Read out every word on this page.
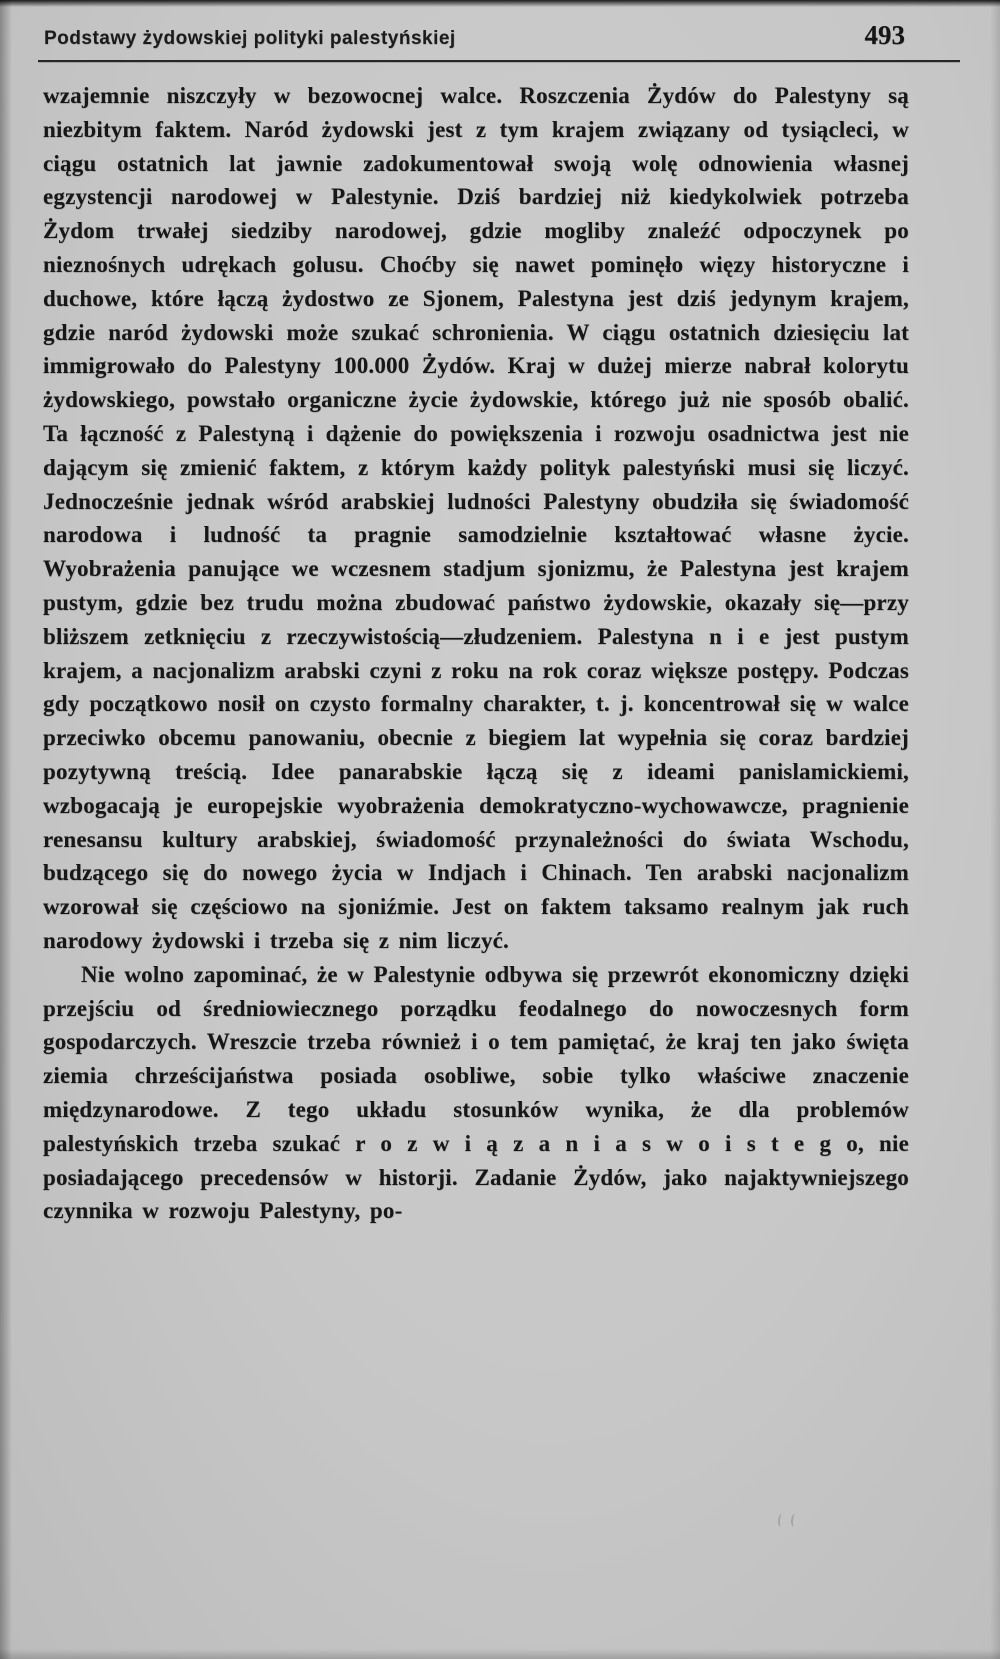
Podstawy żydowskiej polityki palestyńskiej	493

wzajemnie niszczyły w bezowocnej walce. Roszczenia Żydów do Palestyny są niezbitym faktem. Naród żydowski jest z tym krajem związany od tysiącleci, w ciągu ostatnich lat jawnie zadokumentował swoją wolę odnowienia własnej egzystencji narodowej w Palestynie. Dziś bardziej niż kiedykolwiek potrzeba Żydom trwałej siedziby narodowej, gdzie mogliby znaleźć odpoczynek po nieznośnych udrękach golusu. Choćby się nawet pominęło więzy historyczne i duchowe, które łączą żydostwo ze Sjonem, Palestyna jest dziś jedynym krajem, gdzie naród żydowski może szukać schronienia. W ciągu ostatnich dziesięciu lat immigrowało do Palestyny 100.000 Żydów. Kraj w dużej mierze nabrał kolorytu żydowskiego, powstało organiczne życie żydowskie, którego już nie sposób obalić. Ta łączność z Palestyną i dążenie do powiększenia i rozwoju osadnictwa jest nie dającym się zmienić faktem, z którym każdy polityk palestyński musi się liczyć. Jednocześnie jednak wśród arabskiej ludności Palestyny obudziła się świadomość narodowa i ludność ta pragnie samodzielnie kształtować własne życie. Wyobrażenia panujące we wczesnem stadjum sjonizmu, że Palestyna jest krajem pustym, gdzie bez trudu można zbudować państwo żydowskie, okazały się—przy bliższem zetknięciu z rzeczywistością—złudzeniem. Palestyna n i e jest pustym krajem, a nacjonalizm arabski czyni z roku na rok coraz większe postępy. Podczas gdy początkowo nosił on czysto formalny charakter, t. j. koncentrował się w walce przeciwko obcemu panowaniu, obecnie z biegiem lat wypełnia się coraz bardziej pozytywną treścią. Idee panarabskie łączą się z ideami panislamickiemi, wzbogacają je europejskie wyobrażenia demokratyczno-wychowawcze, pragnienie renesansu kultury arabskiej, świadomość przynależności do świata Wschodu, budzącego się do nowego życia w Indjach i Chinach. Ten arabski nacjonalizm wzorował się częściowo na sjoniźmie. Jest on faktem taksamo realnym jak ruch narodowy żydowski i trzeba się z nim liczyć.

Nie wolno zapominać, że w Palestynie odbywa się przewrót ekonomiczny dzięki przejściu od średniowiecznego porządku feodalnego do nowoczesnych form gospodarczych. Wreszcie trzeba również i o tem pamiętać, że kraj ten jako święta ziemia chrześcijaństwa posiada osobliwe, sobie tylko właściwe znaczenie międzynarodowe. Z tego układu stosunków wynika, że dla problemów palestyńskich trzeba szukać r o z w i ą z a n i a s w o i s t e g o, nie posiadającego precedensów w historji. Zadanie Żydów, jako najaktywniejszego czynnika w rozwoju Palestyny, po-
